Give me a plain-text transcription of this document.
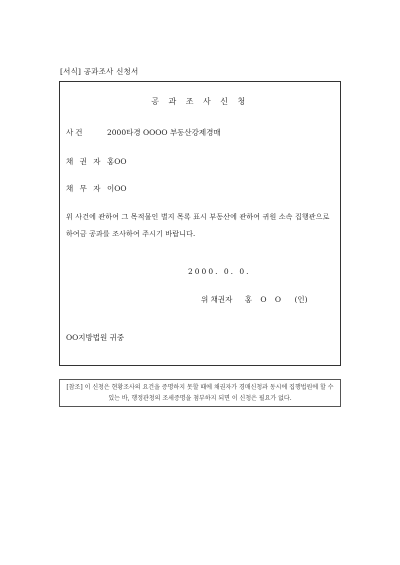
[서식] 공과조사 신청서
공 과 조 사 신 청
사건	2000타경 OOOO 부동산강제경매
채 권 자 홍OO
채 무 자 이OO
위 사건에 관하여 그 목적물인 별지 목록 표시 부동산에 관하여 귀원 소속 집행관으로 하여금 공과를 조사하여 주시기 바랍니다.
2000. 0. 0.
위 채권자 홍 O O (인)
OO지방법원 귀중
[참조] 이 신청은 현황조사의 요건을 증명하지 못할 때에 채권자가 경매신청과 동시에 집행법원에 할 수 있는 바, 행정관청의 조세증명을 첨부하지 되면 이 신청은 필요가 없다.
